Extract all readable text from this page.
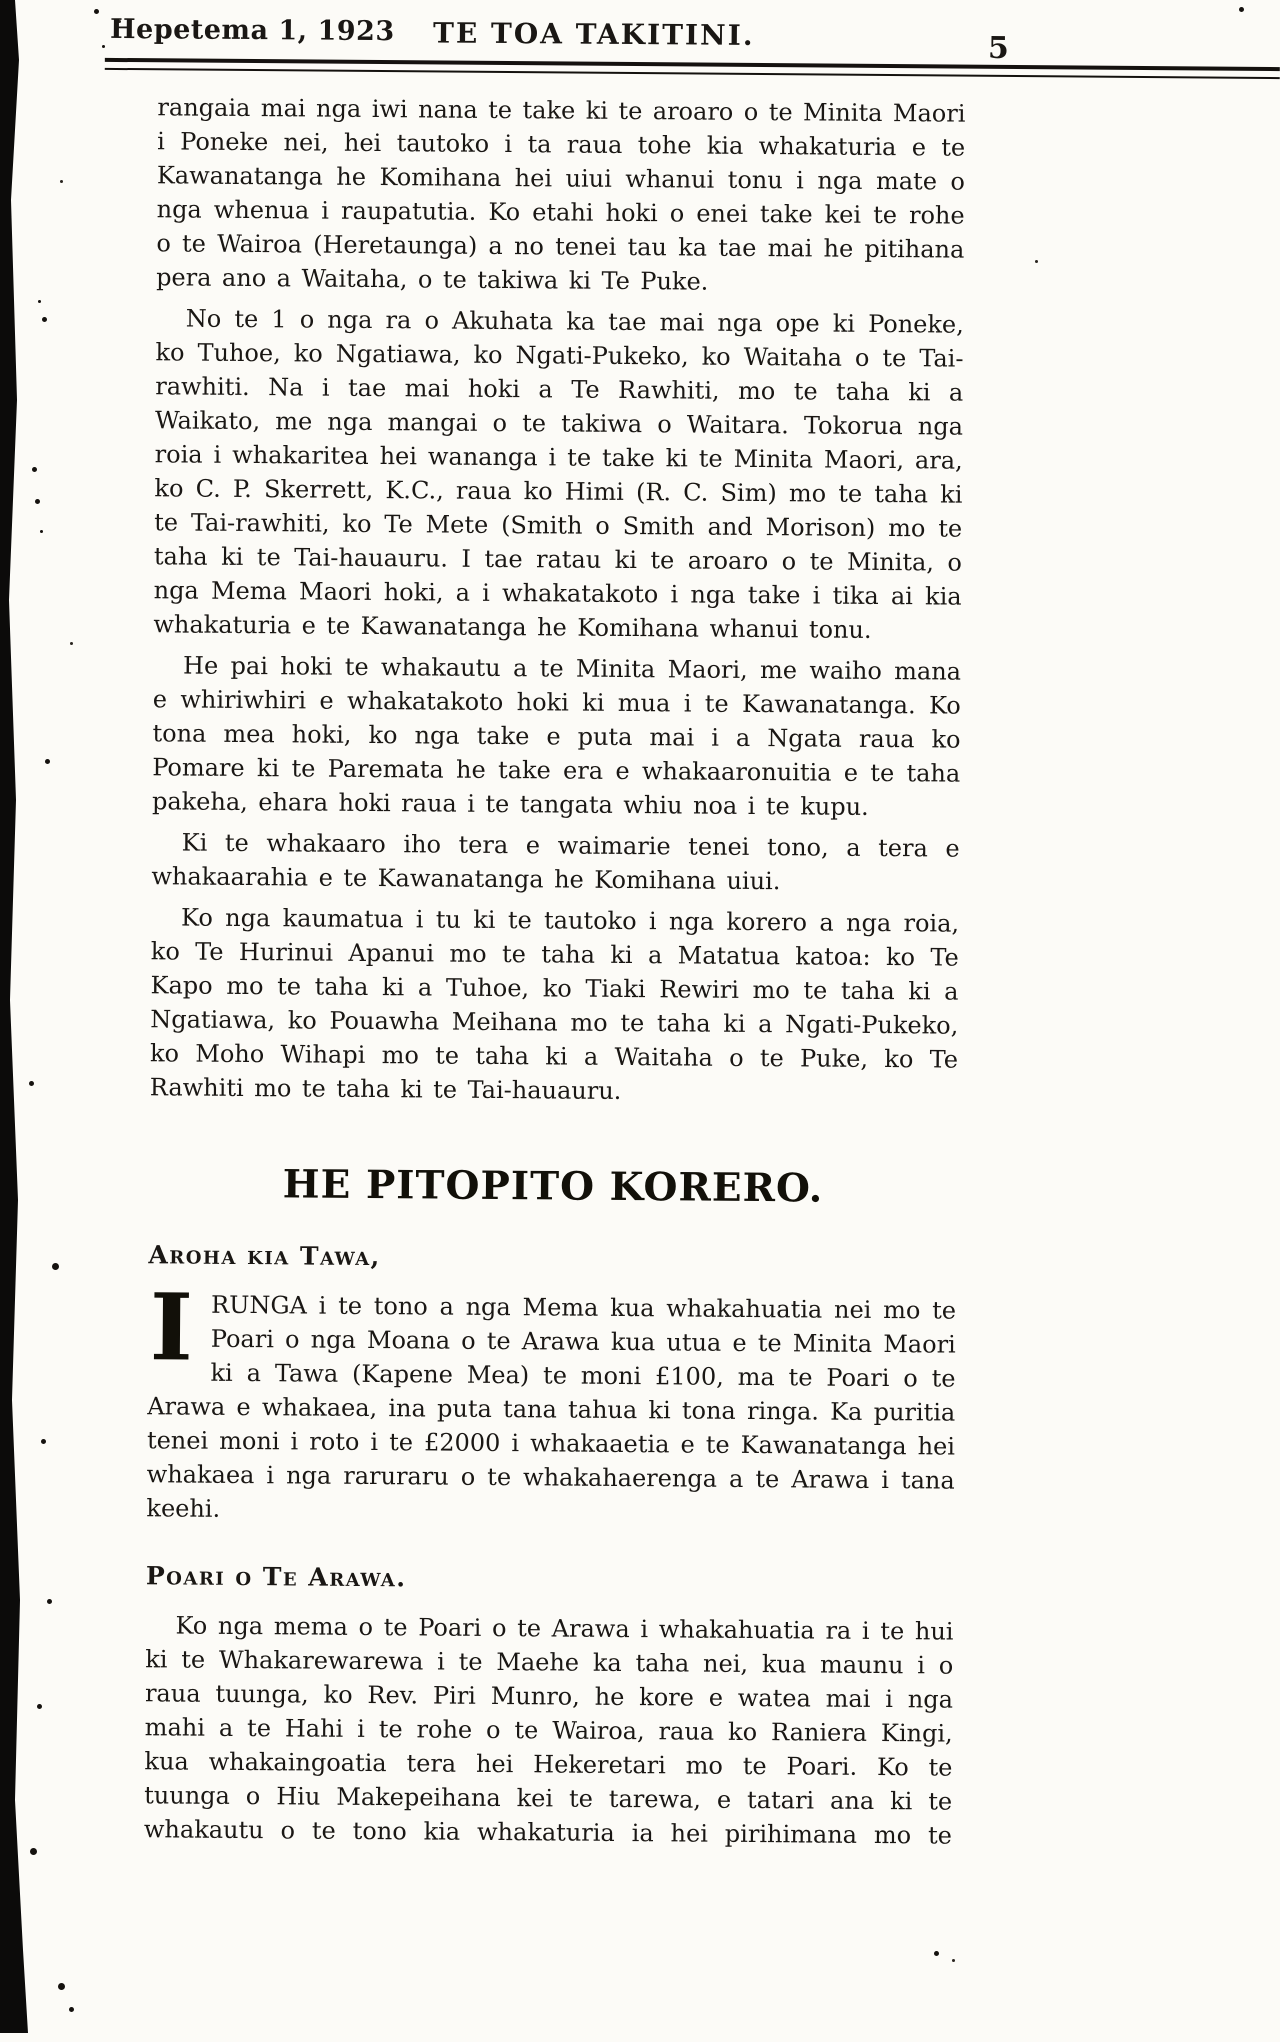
Hepetema 1, 1923 TE TOA TAKITINI.	5

rangaia mai nga iwi nana te take ki te aroaro o te Minita Maori i Poneke nei, hei tautoko i ta raua tohe kia whakaturia e te Kawanatanga he Komihana hei uiui whanui tonu i nga mate o nga whenua i raupatutia. Ko etahi hoki o enei take kei te rohe o te Wairoa (Heretaunga) a no tenei tau ka tae mai he pitihana pera ano a Waitaha, o te takiwa ki Te Puke.

No te 1 o nga ra o Akuhata ka tae mai nga ope ki Poneke, ko Tuhoe, ko Ngatiawa, ko Ngati-Pukeko, ko Waitaha o te Tai-rawhiti. Na i tae mai hoki a Te Rawhiti, mo te taha ki a Waikato, me nga mangai o te takiwa o Waitara. Tokorua nga roia i whakaritea hei wananga i te take ki te Minita Maori, ara, ko C. P. Skerrett, K.C., raua ko Himi (R. C. Sim) mo te taha ki te Tai-rawhiti, ko Te Mete (Smith o Smith and Morison) mo te taha ki te Tai-hauauru. I tae ratau ki te aroaro o te Minita, o nga Mema Maori hoki, a i whakatakoto i nga take i tika ai kia whakaturia e te Kawanatanga he Komihana whanui tonu.

He pai hoki te whakautu a te Minita Maori, me waiho mana e whiriwhiri e whakatakoto hoki ki mua i te Kawanatanga. Ko tona mea hoki, ko nga take e puta mai i a Ngata raua ko Pomare ki te Paremata he take era e whakaaronuitia e te taha pakeha, ehara hoki raua i te tangata whiu noa i te kupu.

Ki te whakaaro iho tera e waimarie tenei tono, a tera e whakaarahia e te Kawanatanga he Komihana uiui.

Ko nga kaumatua i tu ki te tautoko i nga korero a nga roia, ko Te Hurinui Apanui mo te taha ki a Matatua katoa: ko Te Kapo mo te taha ki a Tuhoe, ko Tiaki Rewiri mo te taha ki a Ngatiawa, ko Pouawha Meihana mo te taha ki a Ngati-Pukeko, ko Moho Wihapi mo te taha ki a Waitaha o te Puke, ko Te Rawhiti mo te taha ki te Tai-hauauru.

HE PITOPITO KORERO.
Aroha kia Tawa,

IRUNGA i te tono a nga Mema kua whakahuatia nei mo te Poari o nga Moana o te Arawa kua utua e te Minita Maori ki a Tawa (Kapene Mea) te moni £100, ma te Poari o te Arawa e whakaea, ina puta tana tahua ki tona ringa. Ka puritia tenei moni i roto i te £2000 i whakaaetia e te Kawanatanga hei whakaea i nga raruraru o te whakahaerenga a te Arawa i tana keehi.

Poari o Te Arawa.

Ko nga mema o te Poari o te Arawa i whakahuatia ra i te hui ki te Whakarewarewa i te Maehe ka taha nei, kua maunu i o raua tuunga, ko Rev. Piri Munro, he kore e watea mai i nga mahi a te Hahi i te rohe o te Wairoa, raua ko Raniera Kingi, kua whakaingoatia tera hei Hekeretari mo te Poari. Ko te tuunga o Hiu Makepeihana kei te tarewa, e tatari ana ki te whakautu o te tono kia whakaturia ia hei pirihimana mo te
